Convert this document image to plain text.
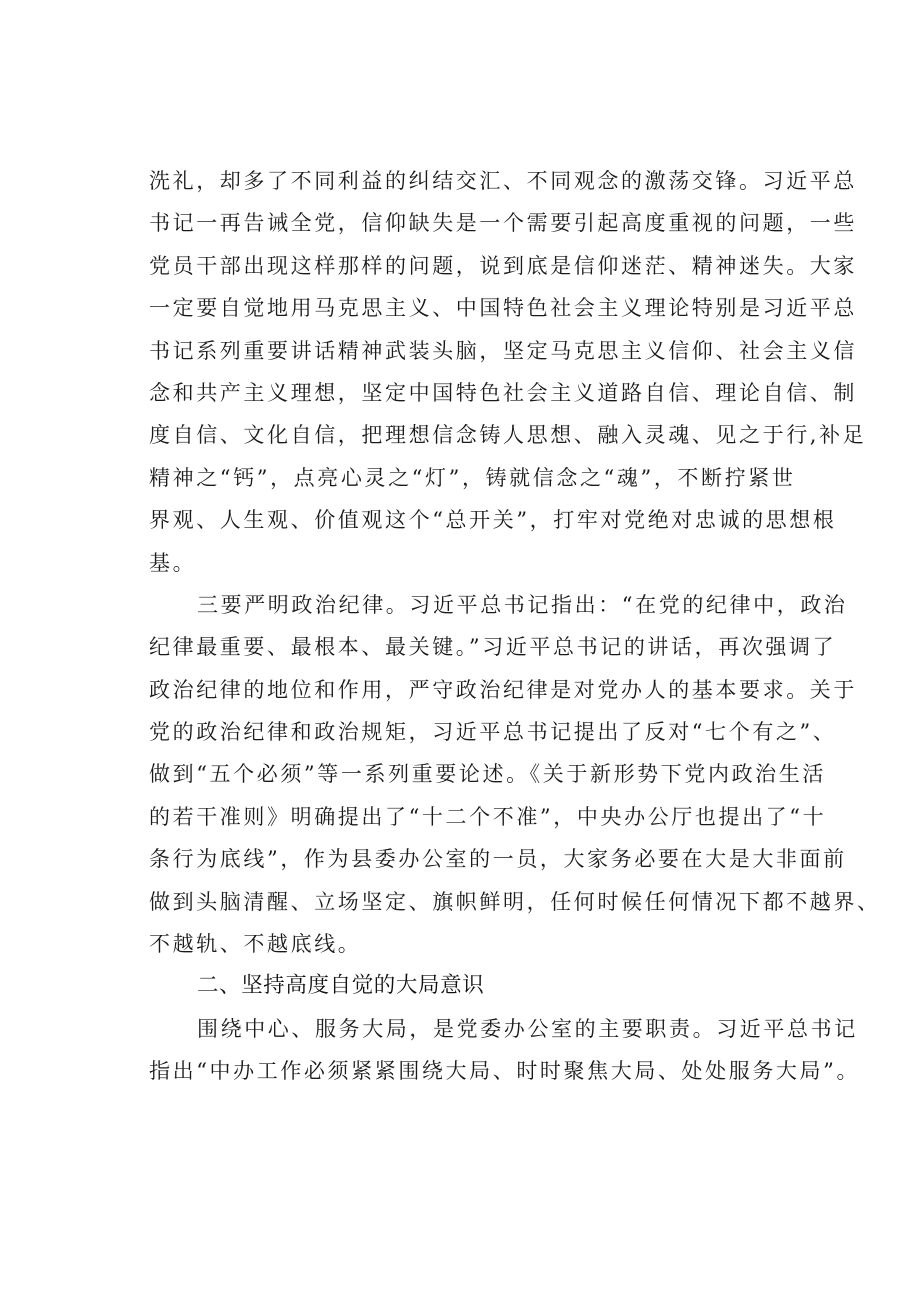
洗礼，却多了不同利益的纠结交汇、不同观念的激荡交锋。习近平总
书记一再告诫全党，信仰缺失是一个需要引起高度重视的问题，一些
党员干部出现这样那样的问题，说到底是信仰迷茫、精神迷失。大家
一定要自觉地用马克思主义、中国特色社会主义理论特别是习近平总
书记系列重要讲话精神武装头脑，坚定马克思主义信仰、社会主义信
念和共产主义理想，坚定中国特色社会主义道路自信、理论自信、制
度自信、文化自信，把理想信念铸人思想、融入灵魂、见之于行,补足
精神之“钙”，点亮心灵之“灯”，铸就信念之“魂”，不断拧紧世
界观、人生观、价值观这个“总开关”，打牢对党绝对忠诚的思想根
基。
三要严明政治纪律。习近平总书记指出：“在党的纪律中，政治
纪律最重要、最根本、最关键。”习近平总书记的讲话，再次强调了
政治纪律的地位和作用，严守政治纪律是对党办人的基本要求。关于
党的政治纪律和政治规矩，习近平总书记提出了反对“七个有之”、
做到“五个必须”等一系列重要论述。《关于新形势下党内政治生活
的若干准则》明确提出了“十二个不准”，中央办公厅也提出了“十
条行为底线”，作为县委办公室的一员，大家务必要在大是大非面前
做到头脑清醒、立场坚定、旗帜鲜明，任何时候任何情况下都不越界、
不越轨、不越底线。
二、坚持高度自觉的大局意识
围绕中心、服务大局，是党委办公室的主要职责。习近平总书记
指出“中办工作必须紧紧围绕大局、时时聚焦大局、处处服务大局”。
